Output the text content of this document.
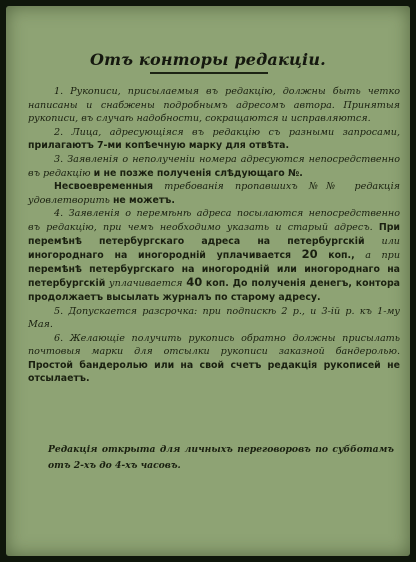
Отъ конторы редакціи.

1. Рукописи, присылаемыя въ редакцію, должны быть четко написаны и снабжены подробнымъ адресомъ автора. Принятыя рукописи, въ случаѣ надобности, сокращаются и исправляются.

2. Лица, адресующіяся въ редакцію съ разными запросами, прилагаютъ 7-ми копѣечную марку для отвѣта.

3. Заявленія о неполученіи номера адресуются непосредственно въ редакцію и не позже полученія слѣдующаго №.

Несвоевременныя требованія пропавшихъ №№ редакція удовлетворить не можетъ.

4. Заявленія о перемѣнѣ адреса посылаются непосредственно въ редакцію, при чемъ необходимо указать и старый адресъ. При перемѣнѣ петербургскаго адреса на петербургскій или иногороднаго на иногородній уплачивается 20 коп., а при перемѣнѣ петербургскаго на иногородній или иногороднаго на петербургскій уплачивается 40 коп. До полученія денегъ, контора продолжаетъ высылать журналъ по старому адресу.

5. Допускается разсрочка: при подпискѣ 2 р., и 3-ій р. къ 1-му Мая.

6. Желающіе получить рукопись обратно должны присылать почтовыя марки для отсылки рукописи заказной бандеролью. Простой бандеролью или на свой счетъ редакція рукописей не отсылаетъ.

Редакція открыта для личныхъ переговоровъ по субботамъ
отъ 2-хъ до 4-хъ часовъ.
